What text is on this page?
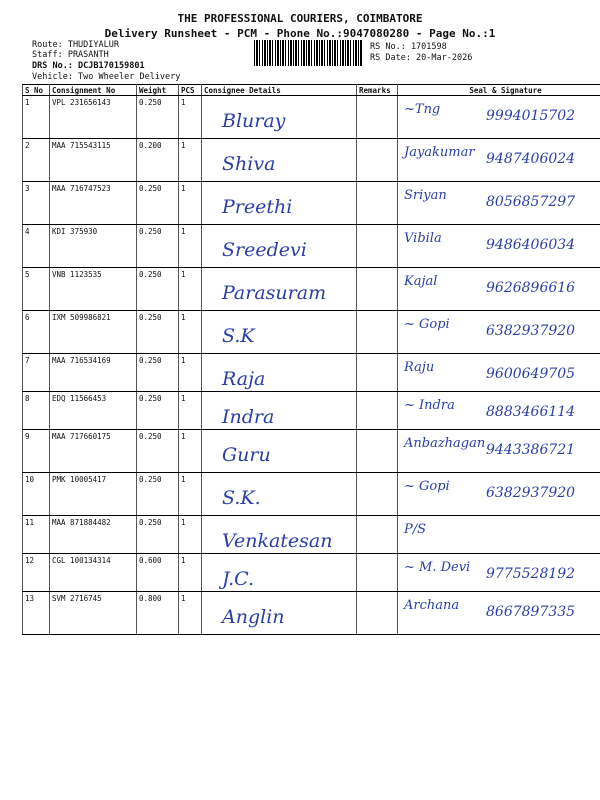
THE PROFESSIONAL COURIERS, COIMBATORE
Delivery Runsheet - PCM - Phone No.:9047080280 - Page No.:1
Route: THUDIYALUR
Staff: PRASANTH
DRS No.: DCJB170159801
Vehicle: Two Wheeler Delivery
RS No.: 1701598
RS Date: 20-Mar-2026
S No	Consignment No	Weight	PCS	Consignee Details	Remarks	Seal & Signature
1	VPL 231656143	0.250	1	Bluray		~Tng 9994015702

2	MAA 715543115	0.200	1	Shiva		Jayakumar 9487406024

3	MAA 716747523	0.250	1	Preethi		Sriyan 8056857297

4	KDI 375930	0.250	1	Sreedevi		Vibila 9486406034

5	VNB 1123535	0.250	1	Parasuram		Kajal 9626896616

6	IXM 509986821	0.250	1	S.K		~ Gopi 6382937920

7	MAA 716534169	0.250	1	Raja		Raju 9600649705

8	EDQ 11566453	0.250	1	Indra		~ Indra 8883466114

9	MAA 717660175	0.250	1	Guru		Anbazhagan 9443386721

10	PMK 10005417	0.250	1	S.K.		~ Gopi 6382937920

11	MAA 871884482	0.250	1	Venkatesan		P/S

12	CGL 100134314	0.600	1	J.C.		~ M. Devi 9775528192

13	SVM 2716745	0.800	1	Anglin		Archana 8667897335
